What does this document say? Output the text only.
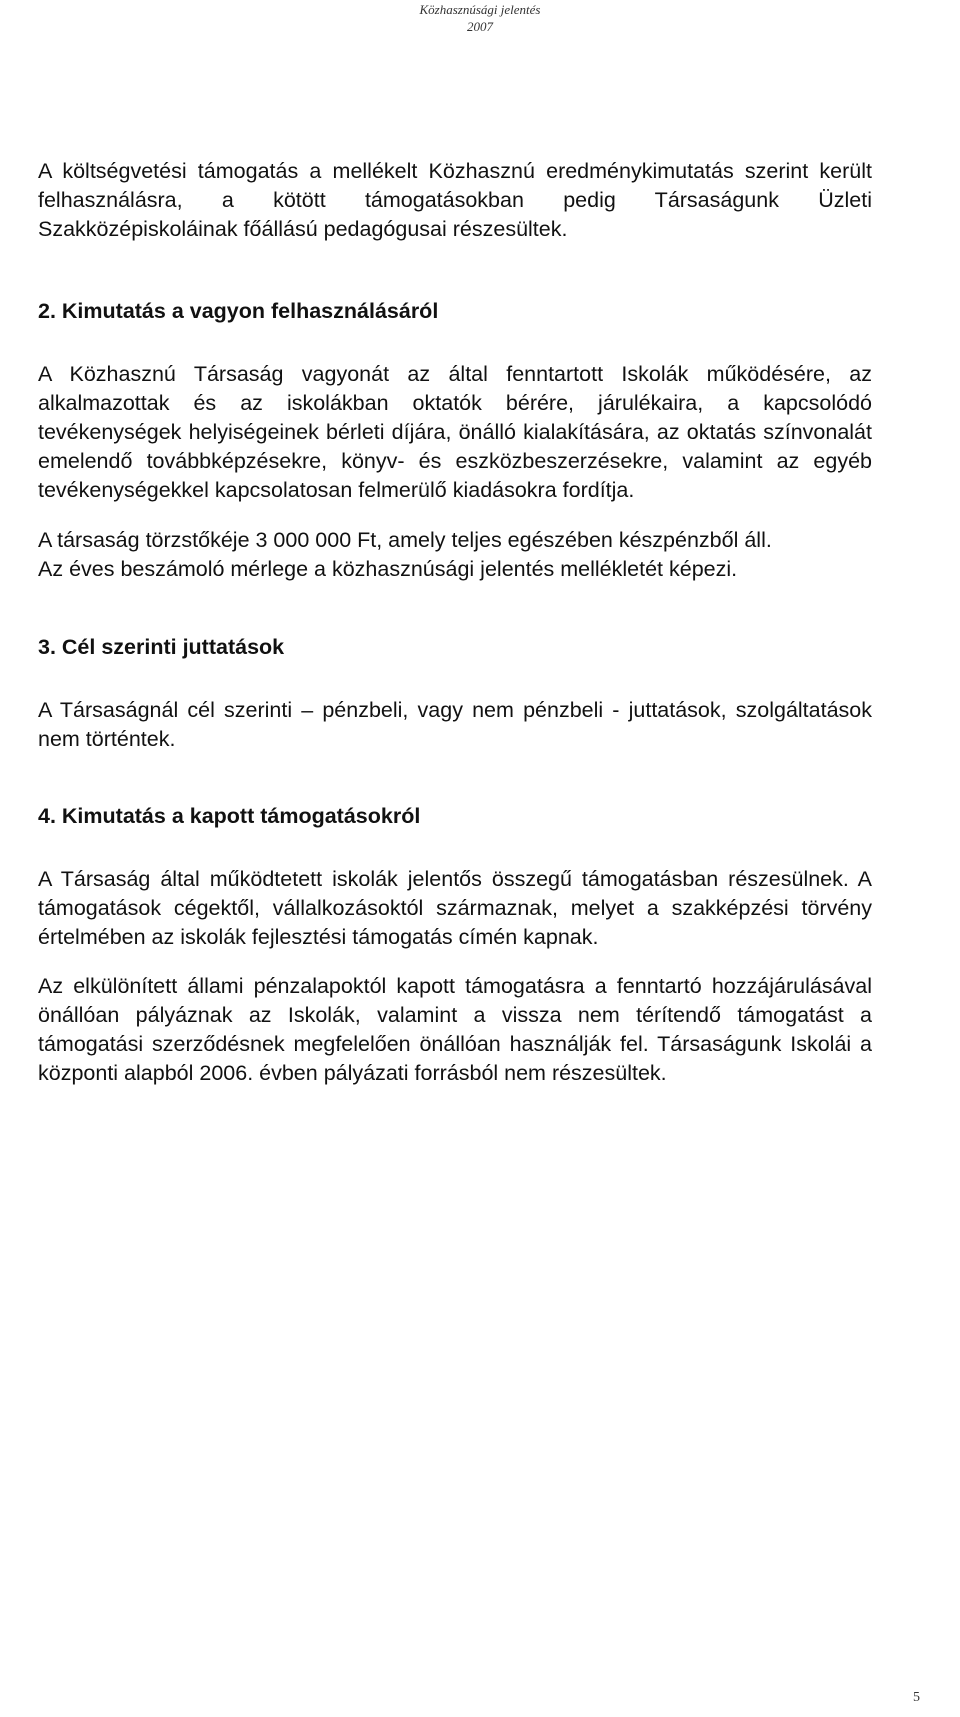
Közhasznúsági jelentés
2007

A költségvetési támogatás a mellékelt Közhasznú eredménykimutatás szerint került felhasználásra, a kötött támogatásokban pedig Társaságunk Üzleti Szakközépiskoláinak főállású pedagógusai részesültek.

2. Kimutatás a vagyon felhasználásáról

A Közhasznú Társaság vagyonát az által fenntartott Iskolák működésére, az alkalmazottak és az iskolákban oktatók bérére, járulékaira, a kapcsolódó tevékenységek helyiségeinek bérleti díjára, önálló kialakítására, az oktatás színvonalát emelendő továbbképzésekre, könyv- és eszközbeszerzésekre, valamint az egyéb tevékenységekkel kapcsolatosan felmerülő kiadásokra fordítja.

A társaság törzstőkéje 3 000 000 Ft, amely teljes egészében készpénzből áll.

Az éves beszámoló mérlege a közhasznúsági jelentés mellékletét képezi.

3. Cél szerinti juttatások

A Társaságnál cél szerinti – pénzbeli, vagy nem pénzbeli - juttatások, szolgáltatások nem történtek.

4. Kimutatás a kapott támogatásokról

A Társaság által működtetett iskolák jelentős összegű támogatásban részesülnek. A támogatások cégektől, vállalkozásoktól származnak, melyet a szakképzési törvény értelmében az iskolák fejlesztési támogatás címén kapnak.

Az elkülönített állami pénzalapoktól kapott támogatásra a fenntartó hozzájárulásával önállóan pályáznak az Iskolák, valamint a vissza nem térítendő támogatást a támogatási szerződésnek megfelelően önállóan használják fel. Társaságunk Iskolái a központi alapból 2006. évben pályázati forrásból nem részesültek.

5
